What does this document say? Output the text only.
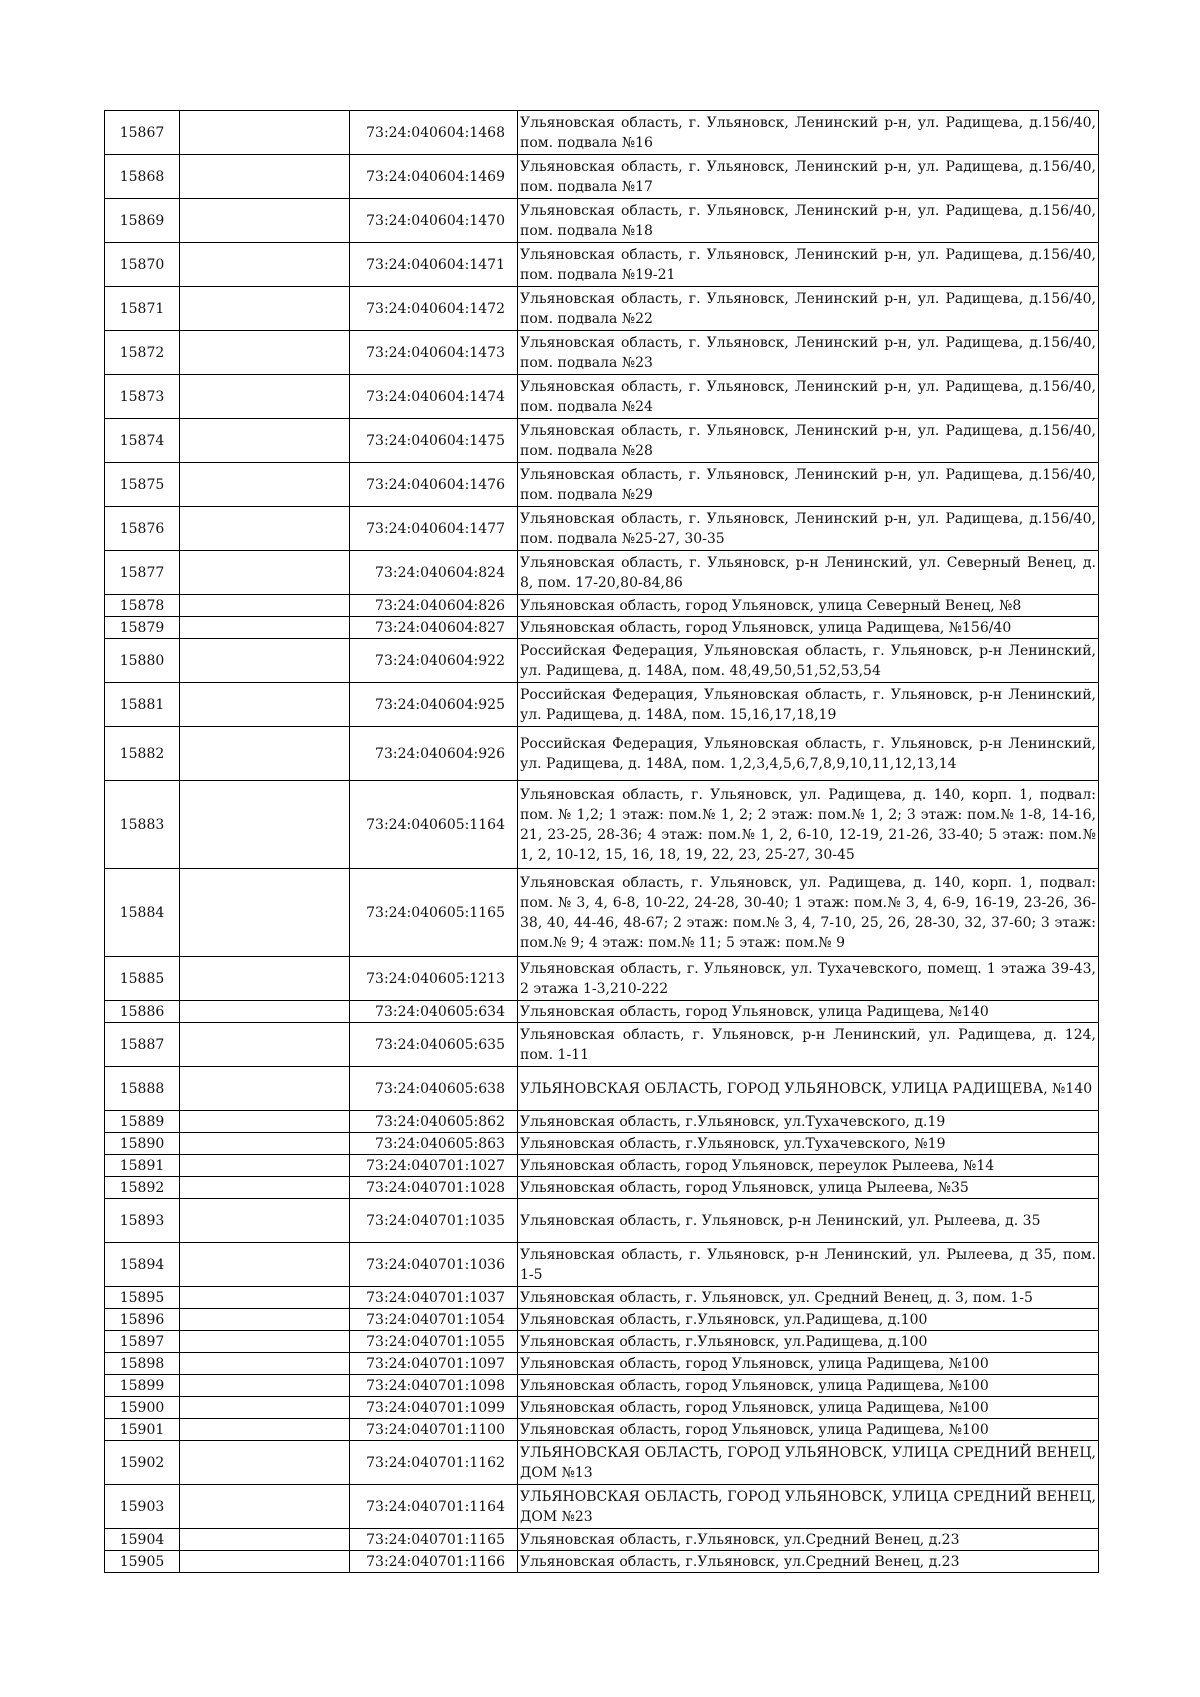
15867		73:24:040604:1468	Ульяновская область, г. Ульяновск, Ленинский р-н, ул. Радищева, д.156/40, пом. подвала №16
15868		73:24:040604:1469	Ульяновская область, г. Ульяновск, Ленинский р-н, ул. Радищева, д.156/40, пом. подвала №17
15869		73:24:040604:1470	Ульяновская область, г. Ульяновск, Ленинский р-н, ул. Радищева, д.156/40, пом. подвала №18
15870		73:24:040604:1471	Ульяновская область, г. Ульяновск, Ленинский р-н, ул. Радищева, д.156/40, пом. подвала №19-21
15871		73:24:040604:1472	Ульяновская область, г. Ульяновск, Ленинский р-н, ул. Радищева, д.156/40, пом. подвала №22
15872		73:24:040604:1473	Ульяновская область, г. Ульяновск, Ленинский р-н, ул. Радищева, д.156/40, пом. подвала №23
15873		73:24:040604:1474	Ульяновская область, г. Ульяновск, Ленинский р-н, ул. Радищева, д.156/40, пом. подвала №24
15874		73:24:040604:1475	Ульяновская область, г. Ульяновск, Ленинский р-н, ул. Радищева, д.156/40, пом. подвала №28
15875		73:24:040604:1476	Ульяновская область, г. Ульяновск, Ленинский р-н, ул. Радищева, д.156/40, пом. подвала №29
15876		73:24:040604:1477	Ульяновская область, г. Ульяновск, Ленинский р-н, ул. Радищева, д.156/40, пом. подвала №25-27, 30-35
15877		73:24:040604:824	Ульяновская область, г. Ульяновск, р-н Ленинский, ул. Северный Венец, д. 8, пом. 17-20,80-84,86
15878		73:24:040604:826	Ульяновская область, город Ульяновск, улица Северный Венец, №8
15879		73:24:040604:827	Ульяновская область, город Ульяновск, улица Радищева, №156/40
15880		73:24:040604:922	Российская Федерация, Ульяновская область, г. Ульяновск, р-н Ленинский, ул. Радищева, д. 148А, пом. 48,49,50,51,52,53,54
15881		73:24:040604:925	Российская Федерация, Ульяновская область, г. Ульяновск, р-н Ленинский, ул. Радищева, д. 148А, пом. 15,16,17,18,19
15882		73:24:040604:926	Российская Федерация, Ульяновская область, г. Ульяновск, р-н Ленинский, ул. Радищева, д. 148А, пом. 1,2,3,4,5,6,7,8,9,10,11,12,13,14
15883		73:24:040605:1164	Ульяновская область, г. Ульяновск, ул. Радищева, д. 140, корп. 1, подвал: пом. № 1,2; 1 этаж: пом.№ 1, 2; 2 этаж: пом.№ 1, 2; 3 этаж: пом.№ 1-8, 14-16, 21, 23-25, 28-36; 4 этаж: пом.№ 1, 2, 6-10, 12-19, 21-26, 33-40; 5 этаж: пом.№ 1, 2, 10-12, 15, 16, 18, 19, 22, 23, 25-27, 30-45
15884		73:24:040605:1165	Ульяновская область, г. Ульяновск, ул. Радищева, д. 140, корп. 1, подвал: пом. № 3, 4, 6-8, 10-22, 24-28, 30-40; 1 этаж: пом.№ 3, 4, 6-9, 16-19, 23-26, 36-38, 40, 44-46, 48-67; 2 этаж: пом.№ 3, 4, 7-10, 25, 26, 28-30, 32, 37-60; 3 этаж: пом.№ 9; 4 этаж: пом.№ 11; 5 этаж: пом.№ 9
15885		73:24:040605:1213	Ульяновская область, г. Ульяновск, ул. Тухачевского, помещ. 1 этажа 39-43, 2 этажа 1-3,210-222
15886		73:24:040605:634	Ульяновская область, город Ульяновск, улица Радищева, №140
15887		73:24:040605:635	Ульяновская область, г. Ульяновск, р-н Ленинский, ул. Радищева, д. 124, пом. 1-11
15888		73:24:040605:638	УЛЬЯНОВСКАЯ ОБЛАСТЬ, ГОРОД УЛЬЯНОВСК, УЛИЦА РАДИЩЕВА, №140
15889		73:24:040605:862	Ульяновская область, г.Ульяновск, ул.Тухачевского, д.19
15890		73:24:040605:863	Ульяновская область, г.Ульяновск, ул.Тухачевского, №19
15891		73:24:040701:1027	Ульяновская область, город Ульяновск, переулок Рылеева, №14
15892		73:24:040701:1028	Ульяновская область, город Ульяновск, улица Рылеева, №35
15893		73:24:040701:1035	Ульяновская область, г. Ульяновск, р-н Ленинский, ул. Рылеева, д. 35
15894		73:24:040701:1036	Ульяновская область, г. Ульяновск, р-н Ленинский, ул. Рылеева, д 35, пом. 1-5
15895		73:24:040701:1037	Ульяновская область, г. Ульяновск, ул. Средний Венец, д. 3, пом. 1-5
15896		73:24:040701:1054	Ульяновская область, г.Ульяновск, ул.Радищева, д.100
15897		73:24:040701:1055	Ульяновская область, г.Ульяновск, ул.Радищева, д.100
15898		73:24:040701:1097	Ульяновская область, город Ульяновск, улица Радищева, №100
15899		73:24:040701:1098	Ульяновская область, город Ульяновск, улица Радищева, №100
15900		73:24:040701:1099	Ульяновская область, город Ульяновск, улица Радищева, №100
15901		73:24:040701:1100	Ульяновская область, город Ульяновск, улица Радищева, №100
15902		73:24:040701:1162	УЛЬЯНОВСКАЯ ОБЛАСТЬ, ГОРОД УЛЬЯНОВСК, УЛИЦА СРЕДНИЙ ВЕНЕЦ, ДОМ №13
15903		73:24:040701:1164	УЛЬЯНОВСКАЯ ОБЛАСТЬ, ГОРОД УЛЬЯНОВСК, УЛИЦА СРЕДНИЙ ВЕНЕЦ, ДОМ №23
15904		73:24:040701:1165	Ульяновская область, г.Ульяновск, ул.Средний Венец, д.23
15905		73:24:040701:1166	Ульяновская область, г.Ульяновск, ул.Средний Венец, д.23
